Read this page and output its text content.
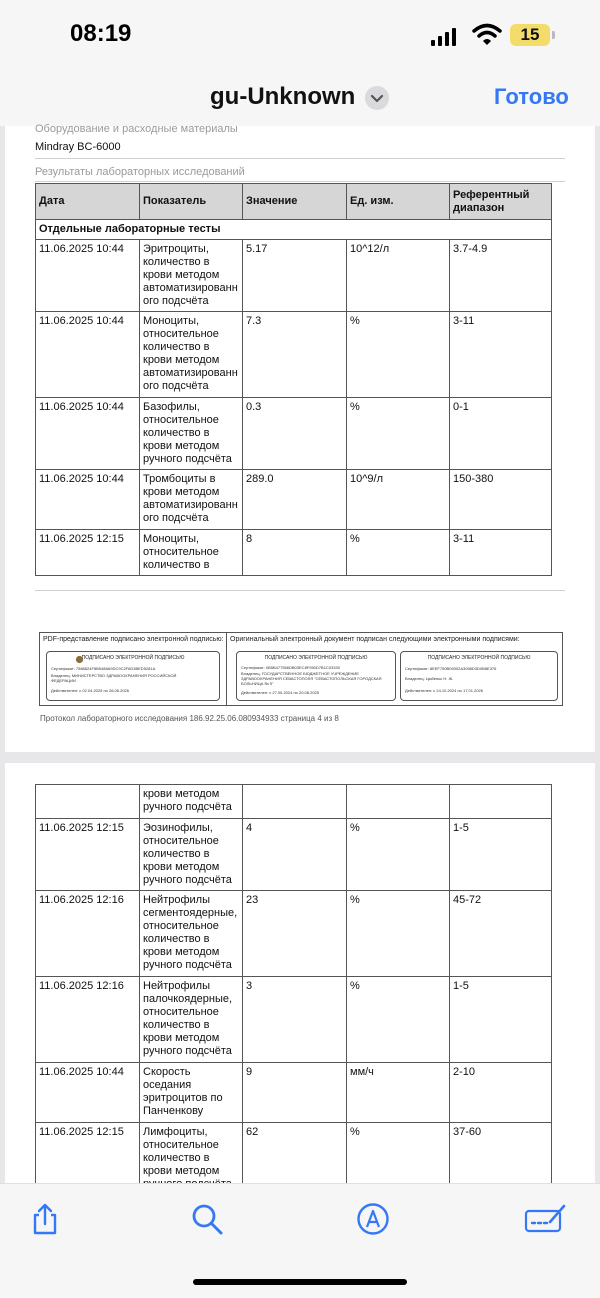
08:19	15
gu-Unknown	Готово
Оборудование и расходные материалы
Mindray BC-6000
Результаты лабораторных исследований
Дата	Показатель	Значение	Ед. изм.	Референтный диапазон
Отдельные лабораторные тесты				
11.06.2025 10:44	Эритроциты, количество в крови методом автоматизированн ого подсчёта	5.17	10^12/л	3.7-4.9
11.06.2025 10:44	Моноциты, относительное количество в крови методом автоматизированн ого подсчёта	7.3	%	3-11
11.06.2025 10:44	Базофилы, относительное количество в крови методом ручного подсчёта	0.3	%	0-1
11.06.2025 10:44	Тромбоциты в крови методом автоматизированн ого подсчёта	289.0	10^9/л	150-380
11.06.2025 12:15	Моноциты, относительное количество в	8	%	3-11
PDF-представление подписано электронной подписью:
ПОДПИСАНО ЭЛЕКТРОННОЙ ПОДПИСЬЮ
Сертификат: 7588824F8B5488A9DC9C2F6D3BED5281A
Владелец: МИНИСТЕРСТВО ЗДРАВООХРАНЕНИЯ РОССИЙСКОЙ
ФЕДЕРАЦИИ
Действителен: с 02.04.2025 по 26.06.2026
Оригинальный электронный документ подписан следующими электронными подписями:
ПОДПИСАНО ЭЛЕКТРОННОЙ ПОДПИСЬЮ
Сертификат: 0B5B477556DB03EC8F950D7B1C03330
Владелец: ГОСУДАРСТВЕННОЕ БЮДЖЕТНОЕ УЧРЕЖДЕНИЕ
ЗДРАВООХРАНЕНИЯ СЕВАСТОПОЛЯ "СЕВАСТОПОЛЬСКАЯ ГОРОДСКАЯ
БОЛЬНИЦА № 5"
Действителен: с 27.05.2024 по 20.08.2025
ПОДПИСАНО ЭЛЕКТРОННОЙ ПОДПИСЬЮ
Сертификат: 8EEF750B09302A3058D3D0B8E376
Владелец: Цыбенко Н. Ж.
Действителен: с 24.10.2024 по 17.01.2026
Протокол лабораторного исследования 186.92.25.06.080934933 страница 4 из 8
	крови методом ручного подсчёта			
11.06.2025 12:15	Эозинофилы, относительное количество в крови методом ручного подсчёта	4	%	1-5
11.06.2025 12:16	Нейтрофилы сегментоядерные, относительное количество в крови методом ручного подсчёта	23	%	45-72
11.06.2025 12:16	Нейтрофилы палочкоядерные, относительное количество в крови методом ручного подсчёта	3	%	1-5
11.06.2025 10:44	Скорость оседания эритроцитов по Панченкову	9	мм/ч	2-10
11.06.2025 12:15	Лимфоциты, относительное количество в крови методом	62	%	37-60
